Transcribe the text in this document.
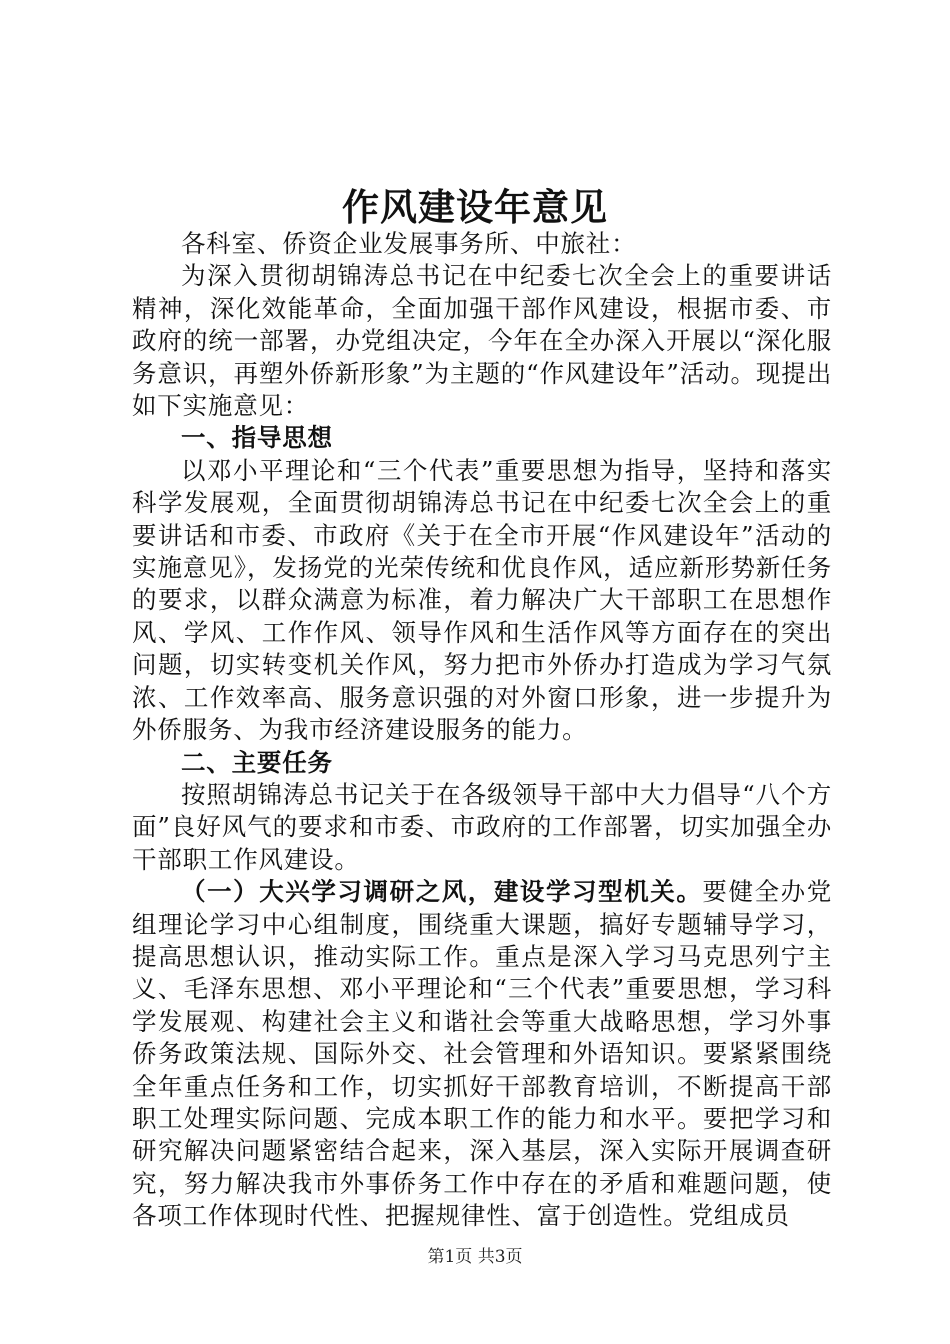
作风建设年意见

各科室、侨资企业发展事务所、中旅社：

为深入贯彻胡锦涛总书记在中纪委七次全会上的重要讲话精神，深化效能革命，全面加强干部作风建设，根据市委、市政府的统一部署，办党组决定，今年在全办深入开展以“深化服务意识，再塑外侨新形象”为主题的“作风建设年”活动。现提出如下实施意见：

一、指导思想

以邓小平理论和“三个代表”重要思想为指导，坚持和落实科学发展观，全面贯彻胡锦涛总书记在中纪委七次全会上的重要讲话和市委、市政府《关于在全市开展“作风建设年”活动的实施意见》，发扬党的光荣传统和优良作风，适应新形势新任务的要求，以群众满意为标准，着力解决广大干部职工在思想作风、学风、工作作风、领导作风和生活作风等方面存在的突出问题，切实转变机关作风，努力把市外侨办打造成为学习气氛浓、工作效率高、服务意识强的对外窗口形象，进一步提升为外侨服务、为我市经济建设服务的能力。

二、主要任务

按照胡锦涛总书记关于在各级领导干部中大力倡导“八个方面”良好风气的要求和市委、市政府的工作部署，切实加强全办干部职工作风建设。

（一）大兴学习调研之风，建设学习型机关。要健全办党组理论学习中心组制度，围绕重大课题，搞好专题辅导学习，提高思想认识，推动实际工作。重点是深入学习马克思列宁主义、毛泽东思想、邓小平理论和“三个代表”重要思想，学习科学发展观、构建社会主义和谐社会等重大战略思想，学习外事侨务政策法规、国际外交、社会管理和外语知识。要紧紧围绕全年重点任务和工作，切实抓好干部教育培训，不断提高干部职工处理实际问题、完成本职工作的能力和水平。要把学习和研究解决问题紧密结合起来，深入基层，深入实际开展调查研究，努力解决我市外事侨务工作中存在的矛盾和难题问题，使各项工作体现时代性、把握规律性、富于创造性。党组成员

第1页 共3页
